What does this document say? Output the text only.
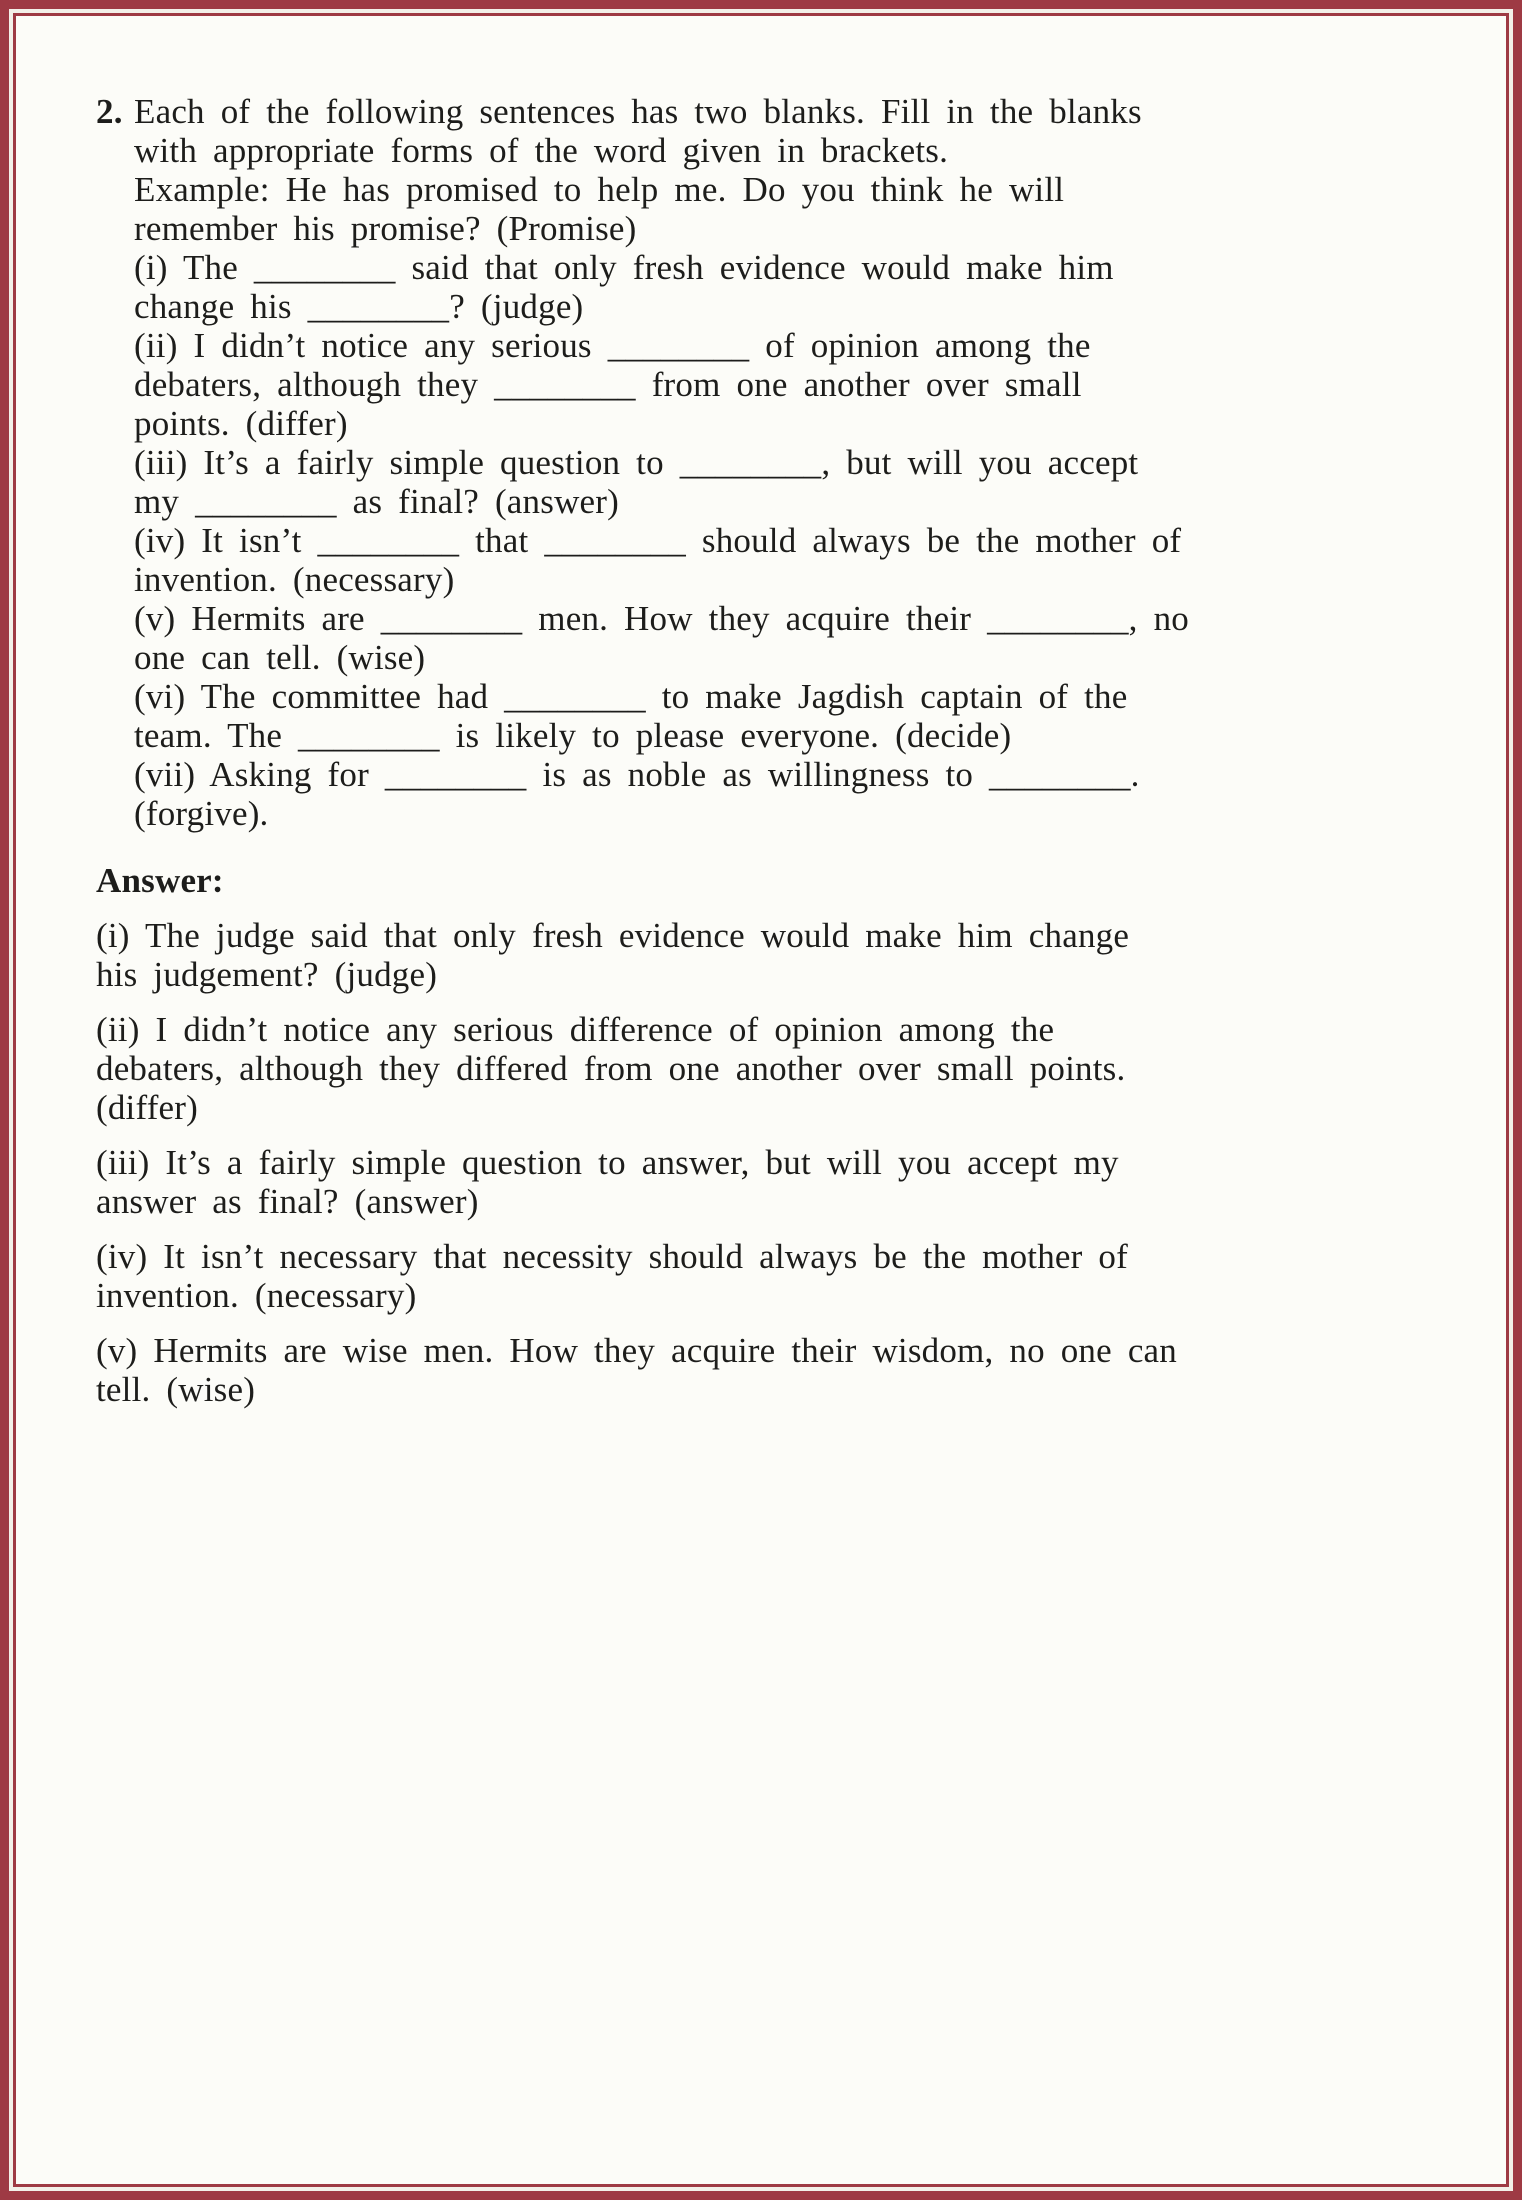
2. Each of the following sentences has two blanks. Fill in the blanks
with appropriate forms of the word given in brackets.
Example: He has promised to help me. Do you think he will
remember his promise? (Promise)
(i) The ________ said that only fresh evidence would make him
change his ________? (judge)
(ii) I didn’t notice any serious ________ of opinion among the
debaters, although they ________ from one another over small
points. (differ)
(iii) It’s a fairly simple question to ________, but will you accept
my ________ as final? (answer)
(iv) It isn’t ________ that ________ should always be the mother of
invention. (necessary)
(v) Hermits are ________ men. How they acquire their ________, no
one can tell. (wise)
(vi) The committee had ________ to make Jagdish captain of the
team. The ________ is likely to please everyone. (decide)
(vii) Asking for ________ is as noble as willingness to ________.
(forgive).
Answer:
(i) The judge said that only fresh evidence would make him change
his judgement? (judge)
(ii) I didn’t notice any serious difference of opinion among the
debaters, although they differed from one another over small points.
(differ)
(iii) It’s a fairly simple question to answer, but will you accept my
answer as final? (answer)
(iv) It isn’t necessary that necessity should always be the mother of
invention. (necessary)
(v) Hermits are wise men. How they acquire their wisdom, no one can
tell. (wise)
